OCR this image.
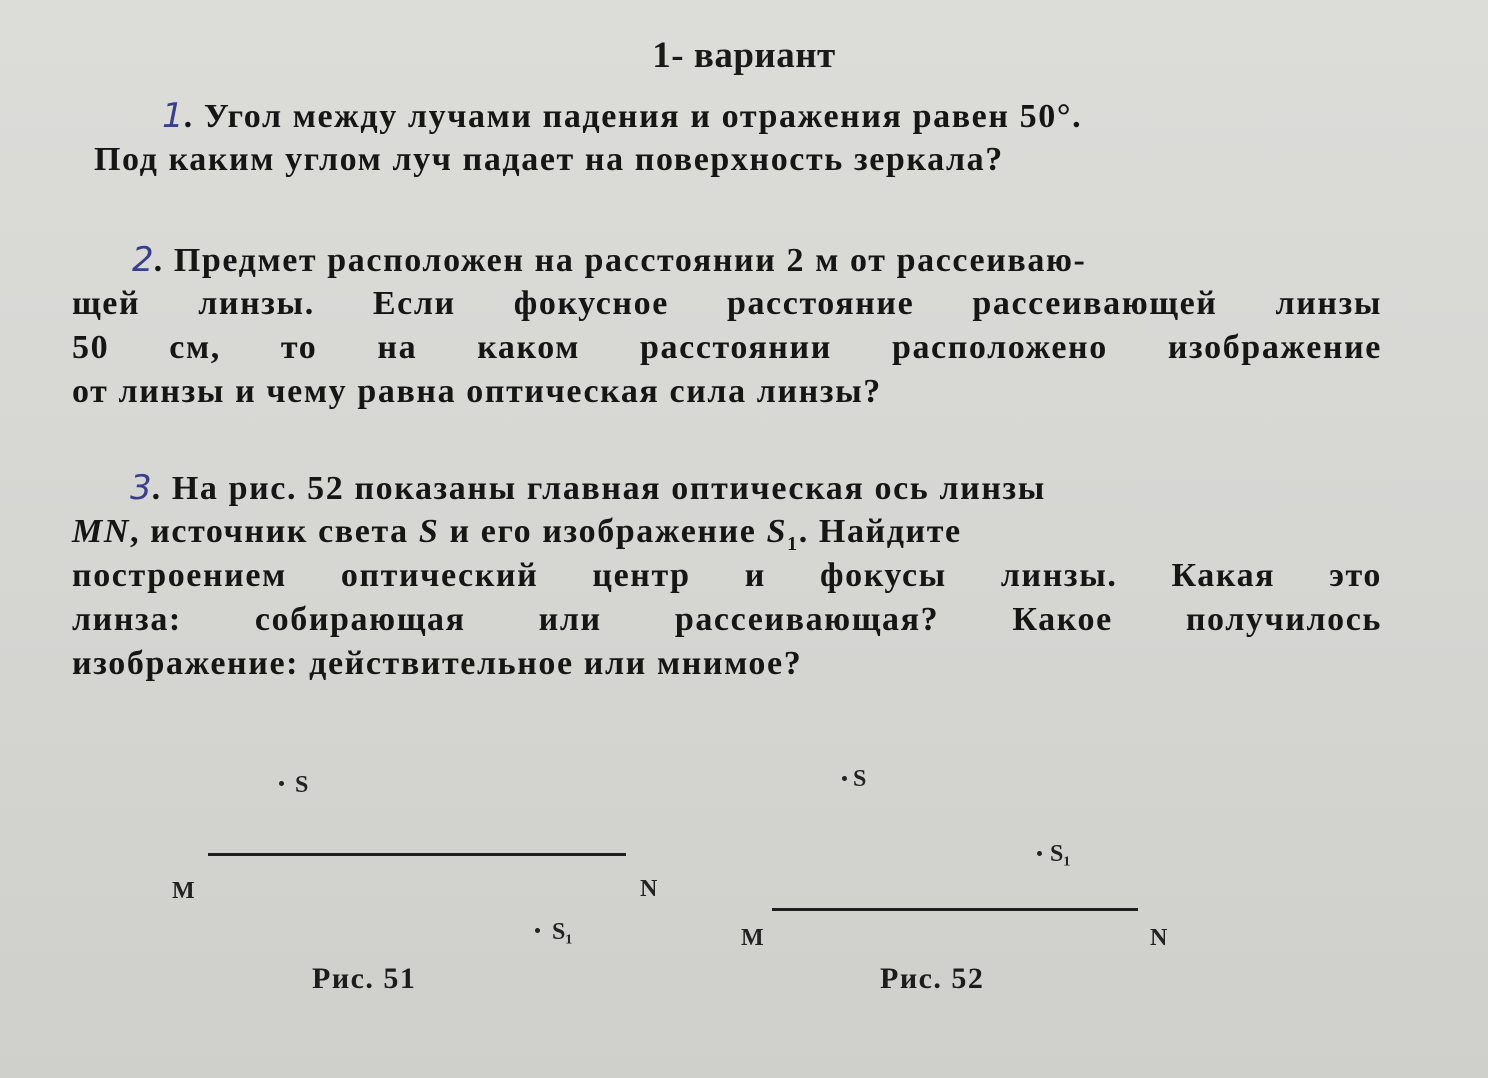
1- вариант
1. Угол между лучами падения и отражения равен 50°.
Под каким углом луч падает на поверхность зеркала?
2. Предмет расположен на расстоянии 2 м от рассеиваю-
щей линзы. Если фокусное расстояние рассеивающей линзы
50 см, то на каком расстоянии расположено изображение
от линзы и чему равна оптическая сила линзы?
3. На рис. 52 показаны главная оптическая ось линзы
MN, источник света S и его изображение $S_1$. Найдите
построением оптический центр и фокусы линзы. Какая это
линза: собирающая или рассеивающая? Какое получилось
изображение: действительное или мнимое?
S
M	N
S₁
Рис. 51
S
S₁
M	N
Рис. 52
